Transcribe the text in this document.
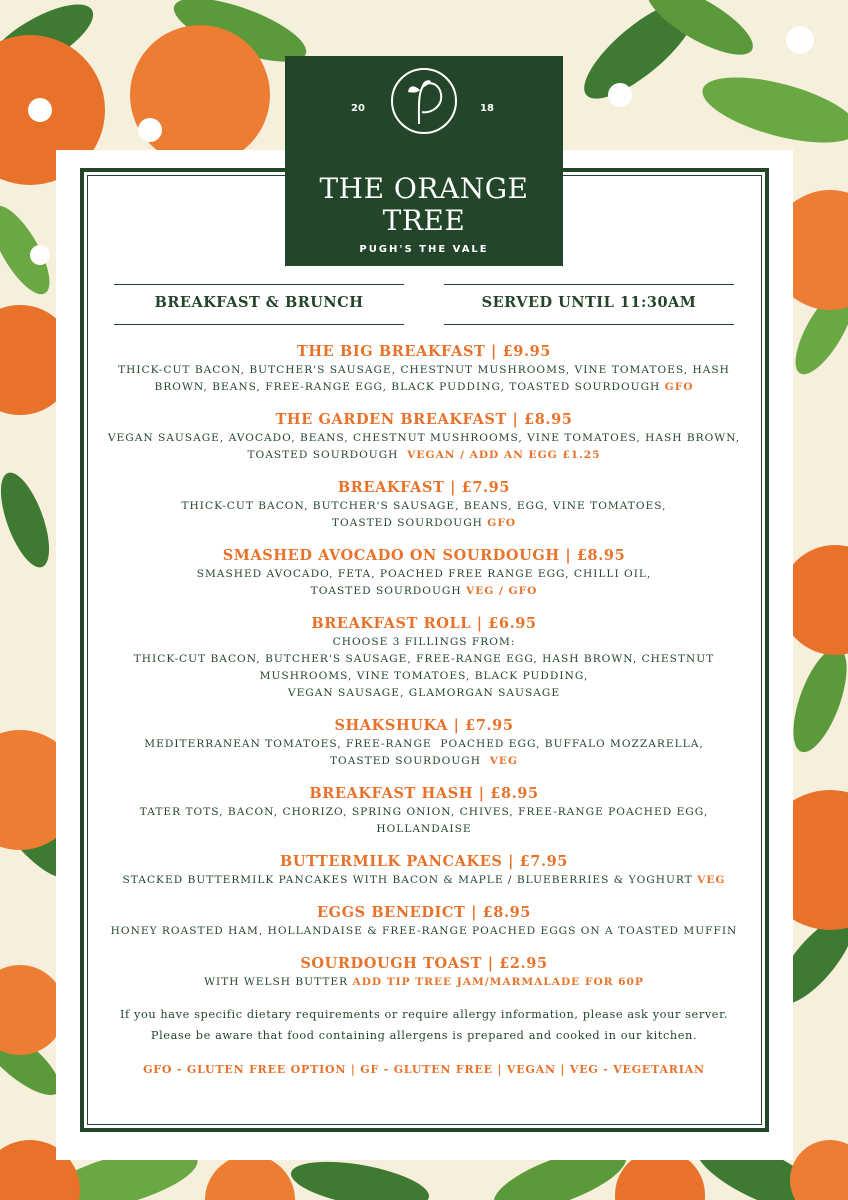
20	18
THE ORANGE
TREE
PUGH'S THE VALE
BREAKFAST & BRUNCH	SERVED UNTIL 11:30AM
THE BIG BREAKFAST | £9.95
THICK-CUT BACON, BUTCHER'S SAUSAGE, CHESTNUT MUSHROOMS, VINE TOMATOES, HASH
BROWN, BEANS, FREE-RANGE EGG, BLACK PUDDING, TOASTED SOURDOUGH GFO
THE GARDEN BREAKFAST | £8.95
VEGAN SAUSAGE, AVOCADO, BEANS, CHESTNUT MUSHROOMS, VINE TOMATOES, HASH BROWN,
TOASTED SOURDOUGH  VEGAN / ADD AN EGG £1.25
BREAKFAST | £7.95
THICK-CUT BACON, BUTCHER'S SAUSAGE, BEANS, EGG, VINE TOMATOES,
TOASTED SOURDOUGH GFO
SMASHED AVOCADO ON SOURDOUGH | £8.95
SMASHED AVOCADO, FETA, POACHED FREE RANGE EGG, CHILLI OIL,
TOASTED SOURDOUGH VEG / GFO
BREAKFAST ROLL | £6.95
CHOOSE 3 FILLINGS FROM:
THICK-CUT BACON, BUTCHER'S SAUSAGE, FREE-RANGE EGG, HASH BROWN, CHESTNUT
MUSHROOMS, VINE TOMATOES, BLACK PUDDING,
VEGAN SAUSAGE, GLAMORGAN SAUSAGE
SHAKSHUKA | £7.95
MEDITERRANEAN TOMATOES, FREE-RANGE  POACHED EGG, BUFFALO MOZZARELLA,
TOASTED SOURDOUGH  VEG
BREAKFAST HASH | £8.95
TATER TOTS, BACON, CHORIZO, SPRING ONION, CHIVES, FREE-RANGE POACHED EGG,
HOLLANDAISE
BUTTERMILK PANCAKES | £7.95
STACKED BUTTERMILK PANCAKES WITH BACON & MAPLE / BLUEBERRIES & YOGHURT VEG
EGGS BENEDICT | £8.95
HONEY ROASTED HAM, HOLLANDAISE & FREE-RANGE POACHED EGGS ON A TOASTED MUFFIN
SOURDOUGH TOAST | £2.95
WITH WELSH BUTTER ADD TIP TREE JAM/MARMALADE FOR 60P
If you have specific dietary requirements or require allergy information, please ask your server.
Please be aware that food containing allergens is prepared and cooked in our kitchen.
GFO - GLUTEN FREE OPTION | GF - GLUTEN FREE | VEGAN | VEG - VEGETARIAN
